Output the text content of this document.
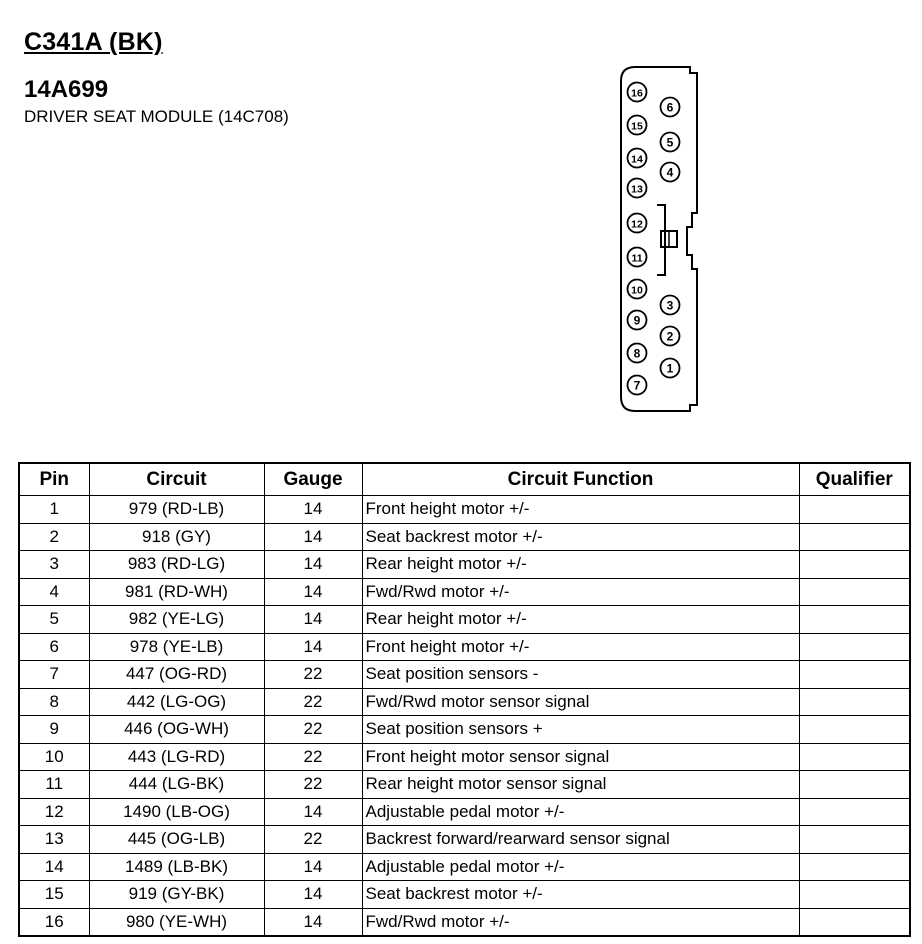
C341A (BK)
14A699
DRIVER SEAT MODULE (14C708)
16
15
14
13
12
11
10
9
8
7
6
5
4
3
2
1
Pin	Circuit	Gauge	Circuit Function	Qualifier
1	979 (RD-LB)	14	Front height motor +/-	
2	918 (GY)	14	Seat backrest motor +/-	
3	983 (RD-LG)	14	Rear height motor +/-	
4	981 (RD-WH)	14	Fwd/Rwd motor +/-	
5	982 (YE-LG)	14	Rear height motor +/-	
6	978 (YE-LB)	14	Front height motor +/-	
7	447 (OG-RD)	22	Seat position sensors -	
8	442 (LG-OG)	22	Fwd/Rwd motor sensor signal	
9	446 (OG-WH)	22	Seat position sensors +	
10	443 (LG-RD)	22	Front height motor sensor signal	
11	444 (LG-BK)	22	Rear height motor sensor signal	
12	1490 (LB-OG)	14	Adjustable pedal motor +/-	
13	445 (OG-LB)	22	Backrest forward/rearward sensor signal	
14	1489 (LB-BK)	14	Adjustable pedal motor +/-	
15	919 (GY-BK)	14	Seat backrest motor +/-	
16	980 (YE-WH)	14	Fwd/Rwd motor +/-	
